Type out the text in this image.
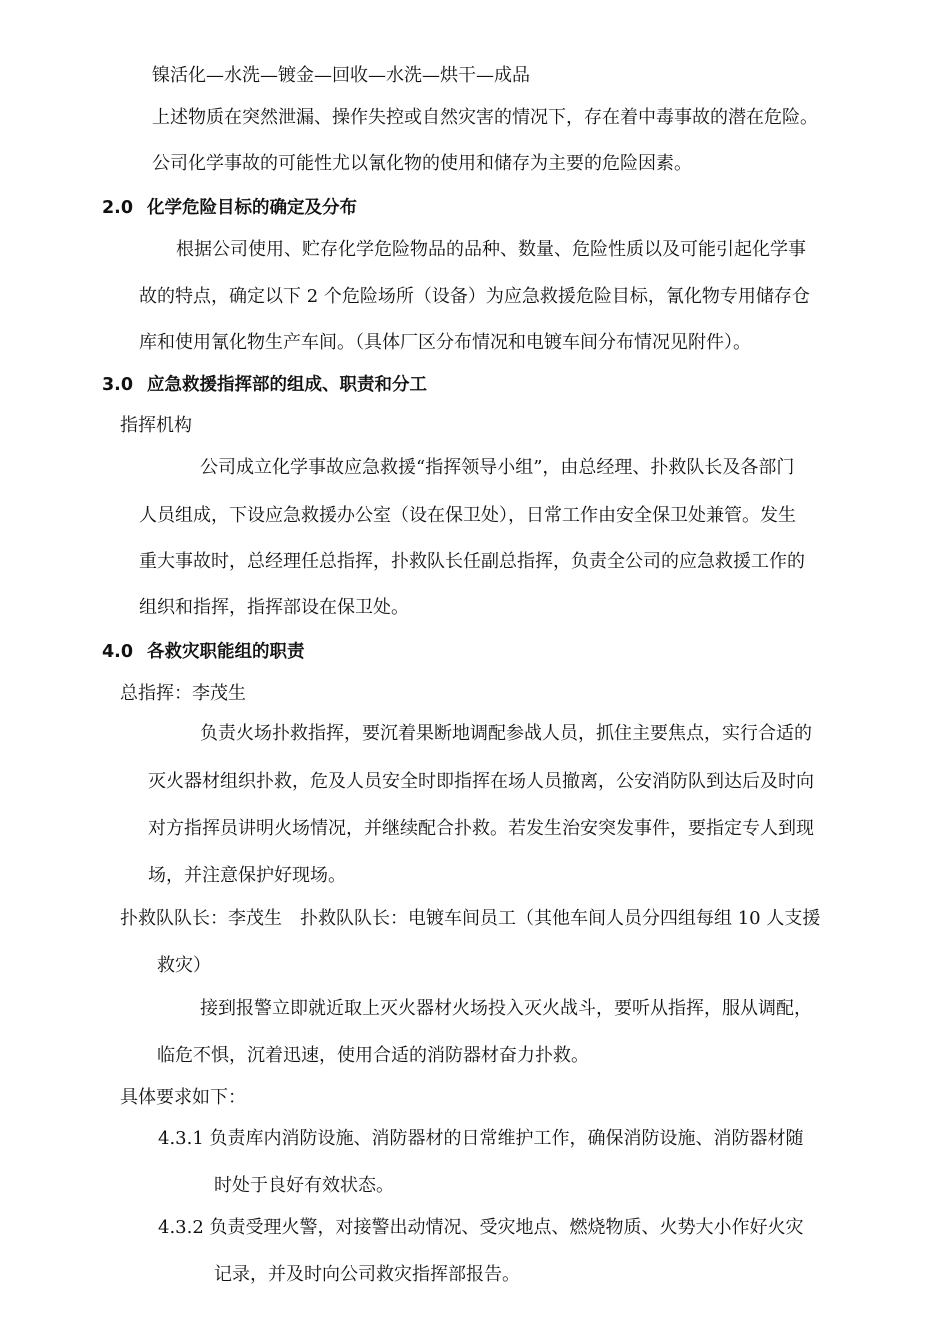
镍活化—水洗—镀金—回收—水洗—烘干—成品
上述物质在突然泄漏、操作失控或自然灾害的情况下，存在着中毒事故的潜在危险。
公司化学事故的可能性尤以氰化物的使用和储存为主要的危险因素。
2.0 化学危险目标的确定及分布
根据公司使用、贮存化学危险物品的品种、数量、危险性质以及可能引起化学事
故的特点，确定以下 2 个危险场所（设备）为应急救援危险目标，氰化物专用储存仓
库和使用氰化物生产车间。（具体厂区分布情况和电镀车间分布情况见附件）。
3.0 应急救援指挥部的组成、职责和分工
指挥机构
公司成立化学事故应急救援“指挥领导小组”，由总经理、扑救队长及各部门
人员组成，下设应急救援办公室（设在保卫处），日常工作由安全保卫处兼管。发生
重大事故时，总经理任总指挥，扑救队长任副总指挥，负责全公司的应急救援工作的
组织和指挥，指挥部设在保卫处。
4.0 各救灾职能组的职责
总指挥：李茂生
负责火场扑救指挥，要沉着果断地调配参战人员，抓住主要焦点，实行合适的
灭火器材组织扑救，危及人员安全时即指挥在场人员撤离，公安消防队到达后及时向
对方指挥员讲明火场情况，并继续配合扑救。若发生治安突发事件，要指定专人到现
场，并注意保护好现场。
扑救队队长：李茂生　扑救队队长：电镀车间员工（其他车间人员分四组每组 10 人支援
救灾）
接到报警立即就近取上灭火器材火场投入灭火战斗，要听从指挥，服从调配，
临危不惧，沉着迅速，使用合适的消防器材奋力扑救。
具体要求如下：
4.3.1 负责库内消防设施、消防器材的日常维护工作，确保消防设施、消防器材随
时处于良好有效状态。
4.3.2 负责受理火警，对接警出动情况、受灾地点、燃烧物质、火势大小作好火灾
记录，并及时向公司救灾指挥部报告。
